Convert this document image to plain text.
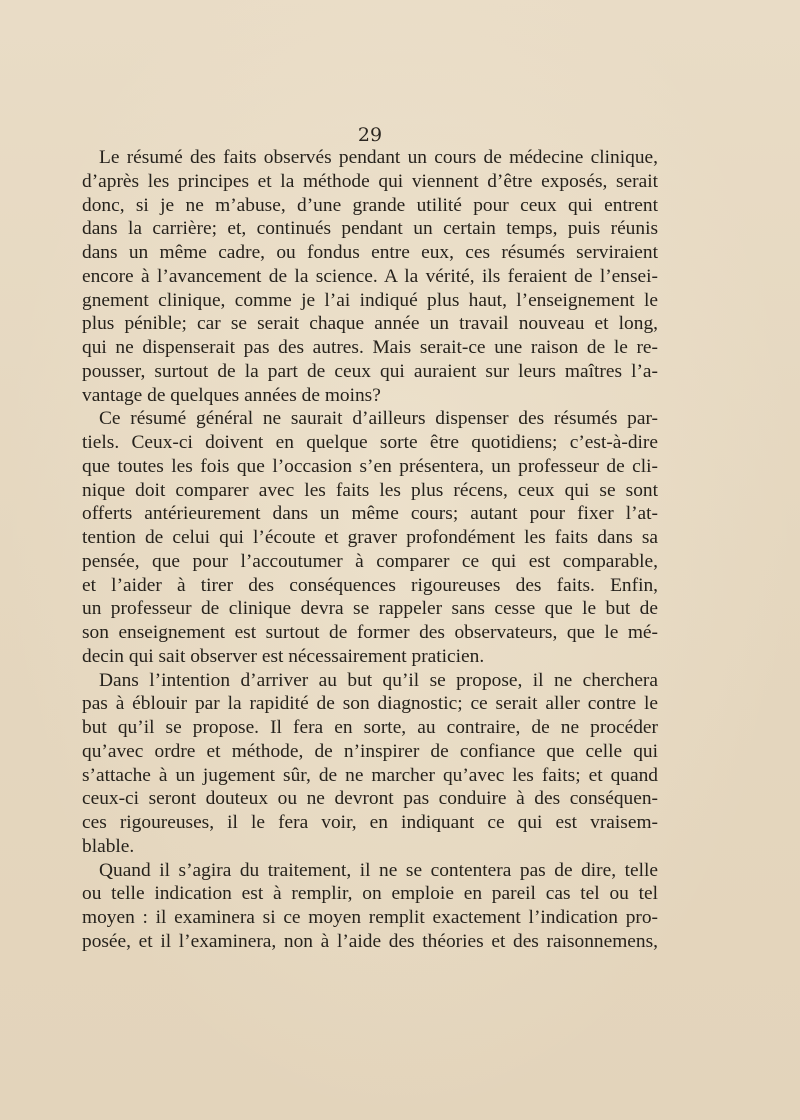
29
Le résumé des faits observés pendant un cours de médecine clinique,
d’après les principes et la méthode qui viennent d’être exposés, serait
donc, si je ne m’abuse, d’une grande utilité pour ceux qui entrent
dans la carrière; et, continués pendant un certain temps, puis réunis
dans un même cadre, ou fondus entre eux, ces résumés serviraient
encore à l’avancement de la science. A la vérité, ils feraient de l’ensei-
gnement clinique, comme je l’ai indiqué plus haut, l’enseignement le
plus pénible; car se serait chaque année un travail nouveau et long,
qui ne dispenserait pas des autres. Mais serait-ce une raison de le re-
pousser, surtout de la part de ceux qui auraient sur leurs maîtres l’a-
vantage de quelques années de moins?
Ce résumé général ne saurait d’ailleurs dispenser des résumés par-
tiels. Ceux-ci doivent en quelque sorte être quotidiens; c’est-à-dire
que toutes les fois que l’occasion s’en présentera, un professeur de cli-
nique doit comparer avec les faits les plus récens, ceux qui se sont
offerts antérieurement dans un même cours; autant pour fixer l’at-
tention de celui qui l’écoute et graver profondément les faits dans sa
pensée, que pour l’accoutumer à comparer ce qui est comparable,
et l’aider à tirer des conséquences rigoureuses des faits. Enfin,
un professeur de clinique devra se rappeler sans cesse que le but de
son enseignement est surtout de former des observateurs, que le mé-
decin qui sait observer est nécessairement praticien.
Dans l’intention d’arriver au but qu’il se propose, il ne cherchera
pas à éblouir par la rapidité de son diagnostic; ce serait aller contre le
but qu’il se propose. Il fera en sorte, au contraire, de ne procéder
qu’avec ordre et méthode, de n’inspirer de confiance que celle qui
s’attache à un jugement sûr, de ne marcher qu’avec les faits; et quand
ceux-ci seront douteux ou ne devront pas conduire à des conséquen-
ces rigoureuses, il le fera voir, en indiquant ce qui est vraisem-
blable.
Quand il s’agira du traitement, il ne se contentera pas de dire, telle
ou telle indication est à remplir, on emploie en pareil cas tel ou tel
moyen : il examinera si ce moyen remplit exactement l’indication pro-
posée, et il l’examinera, non à l’aide des théories et des raisonnemens,
